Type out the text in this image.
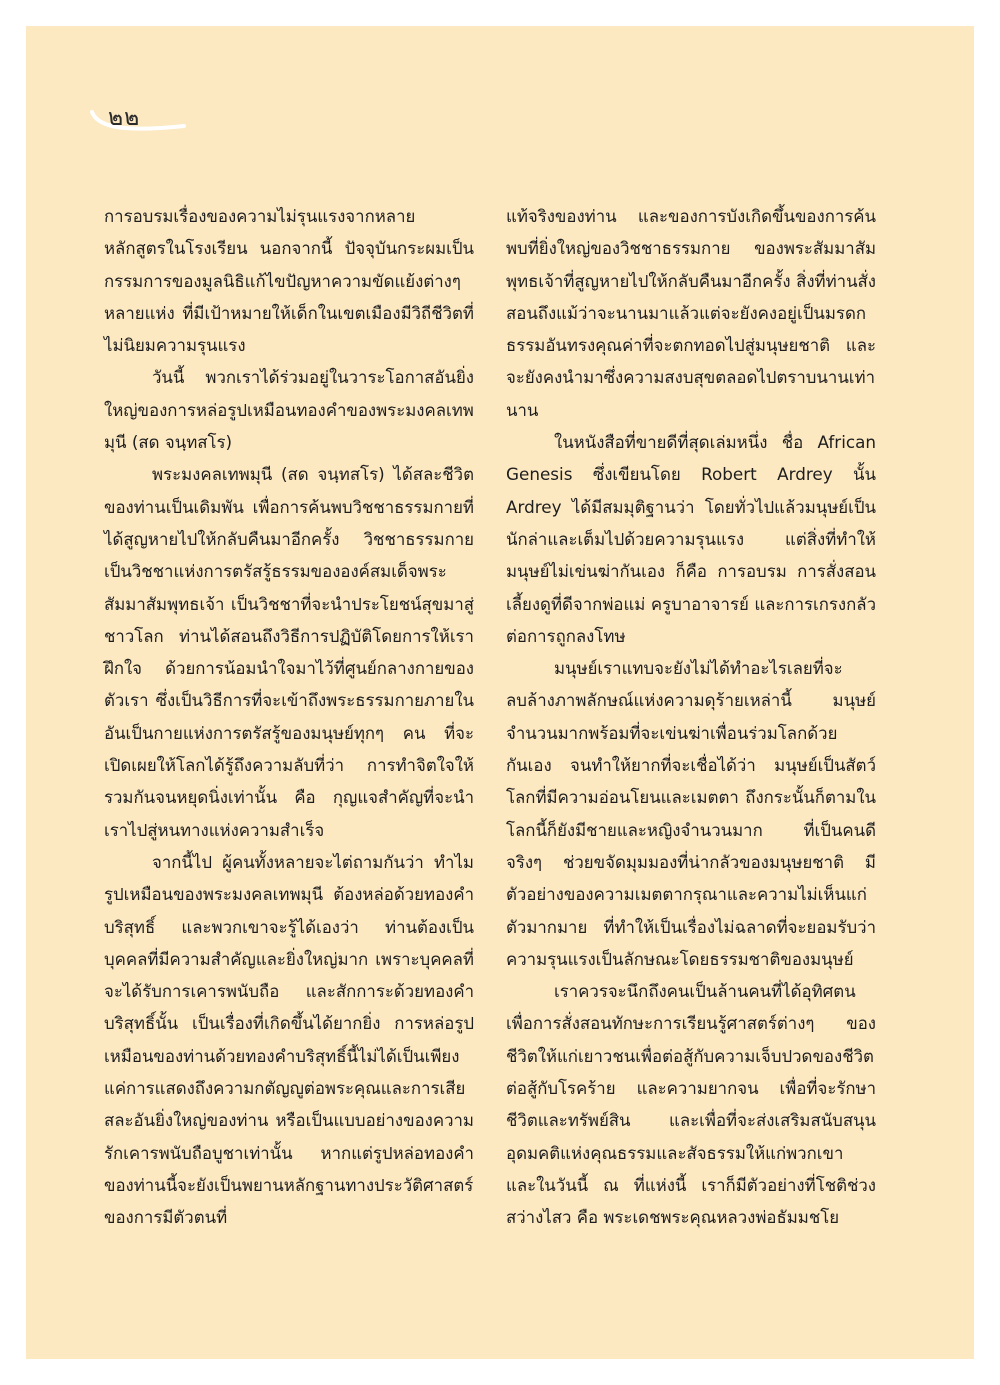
๒๒

การอบรมเรื่องของความไม่รุนแรงจากหลายหลักสูตรในโรงเรียน นอกจากนี้ ปัจจุบันกระผมเป็นกรรมการของมูลนิธิแก้ไขปัญหาความขัดแย้งต่างๆ หลายแห่ง ที่มีเป้าหมายให้เด็กในเขตเมืองมีวิถีชีวิตที่ไม่นิยมความรุนแรง

วันนี้ พวกเราได้ร่วมอยู่ในวาระโอกาสอันยิ่งใหญ่ของการหล่อรูปเหมือนทองคำของพระมงคลเทพมุนี (สด จนฺทสโร)

พระมงคลเทพมุนี (สด จนฺทสโร) ได้สละชีวิตของท่านเป็นเดิมพัน เพื่อการค้นพบวิชชาธรรมกายที่ได้สูญหายไปให้กลับคืนมาอีกครั้ง วิชชาธรรมกายเป็นวิชชาแห่งการตรัสรู้ธรรมขององค์สมเด็จพระสัมมาสัมพุทธเจ้า เป็นวิชชาที่จะนำประโยชน์สุขมาสู่ชาวโลก ท่านได้สอนถึงวิธีการปฏิบัติโดยการให้เราฝึกใจ ด้วยการน้อมนำใจมาไว้ที่ศูนย์กลางกายของตัวเรา ซึ่งเป็นวิธีการที่จะเข้าถึงพระธรรมกายภายใน อันเป็นกายแห่งการตรัสรู้ของมนุษย์ทุกๆ คน ที่จะเปิดเผยให้โลกได้รู้ถึงความลับที่ว่า การทำจิตใจให้รวมกันจนหยุดนิ่งเท่านั้น คือ กุญแจสำคัญที่จะนำเราไปสู่หนทางแห่งความสำเร็จ

จากนี้ไป ผู้คนทั้งหลายจะไต่ถามกันว่า ทำไมรูปเหมือนของพระมงคลเทพมุนี ต้องหล่อด้วยทองคำบริสุทธิ์ และพวกเขาจะรู้ได้เองว่า ท่านต้องเป็นบุคคลที่มีความสำคัญและยิ่งใหญ่มาก เพราะบุคคลที่จะได้รับการเคารพนับถือ และสักการะด้วยทองคำบริสุทธิ์นั้น เป็นเรื่องที่เกิดขึ้นได้ยากยิ่ง การหล่อรูปเหมือนของท่านด้วยทองคำบริสุทธิ์นี้ไม่ได้เป็นเพียงแค่การแสดงถึงความกตัญญูต่อพระคุณและการเสียสละอันยิ่งใหญ่ของท่าน หรือเป็นแบบอย่างของความรักเคารพนับถือบูชาเท่านั้น หากแต่รูปหล่อทองคำของท่านนี้จะยังเป็นพยานหลักฐานทางประวัติศาสตร์ของการมีตัวตนที่

แท้จริงของท่าน และของการบังเกิดขึ้นของการค้นพบที่ยิ่งใหญ่ของวิชชาธรรมกาย ของพระสัมมาสัมพุทธเจ้าที่สูญหายไปให้กลับคืนมาอีกครั้ง สิ่งที่ท่านสั่งสอนถึงแม้ว่าจะนานมาแล้วแต่จะยังคงอยู่เป็นมรดกธรรมอันทรงคุณค่าที่จะตกทอดไปสู่มนุษยชาติ และจะยังคงนำมาซึ่งความสงบสุขตลอดไปตราบนานเท่านาน

ในหนังสือที่ขายดีที่สุดเล่มหนึ่ง ชื่อ African Genesis ซึ่งเขียนโดย Robert Ardrey นั้น Ardrey ได้มีสมมุติฐานว่า โดยทั่วไปแล้วมนุษย์เป็นนักล่าและเต็มไปด้วยความรุนแรง แต่สิ่งที่ทำให้มนุษย์ไม่เข่นฆ่ากันเอง ก็คือ การอบรม การสั่งสอนเลี้ยงดูที่ดีจากพ่อแม่ ครูบาอาจารย์ และการเกรงกลัวต่อการถูกลงโทษ

มนุษย์เราแทบจะยังไม่ได้ทำอะไรเลยที่จะลบล้างภาพลักษณ์แห่งความดุร้ายเหล่านี้ มนุษย์จำนวนมากพร้อมที่จะเข่นฆ่าเพื่อนร่วมโลกด้วยกันเอง จนทำให้ยากที่จะเชื่อได้ว่า มนุษย์เป็นสัตว์โลกที่มีความอ่อนโยนและเมตตา ถึงกระนั้นก็ตามในโลกนี้ก็ยังมีชายและหญิงจำนวนมาก ที่เป็นคนดีจริงๆ ช่วยขจัดมุมมองที่น่ากลัวของมนุษยชาติ มีตัวอย่างของความเมตตากรุณาและความไม่เห็นแก่ตัวมากมาย ที่ทำให้เป็นเรื่องไม่ฉลาดที่จะยอมรับว่า ความรุนแรงเป็นลักษณะโดยธรรมชาติของมนุษย์

เราควรจะนึกถึงคนเป็นล้านคนที่ได้อุทิศตนเพื่อการสั่งสอนทักษะการเรียนรู้ศาสตร์ต่างๆ ของชีวิตให้แก่เยาวชนเพื่อต่อสู้กับความเจ็บปวดของชีวิตต่อสู้กับโรคร้าย และความยากจน เพื่อที่จะรักษาชีวิตและทรัพย์สิน และเพื่อที่จะส่งเสริมสนับสนุนอุดมคติแห่งคุณธรรมและสัจธรรมให้แก่พวกเขา และในวันนี้ ณ ที่แห่งนี้ เราก็มีตัวอย่างที่โชติช่วง สว่างไสว คือ พระเดชพระคุณหลวงพ่อธัมมชโย
